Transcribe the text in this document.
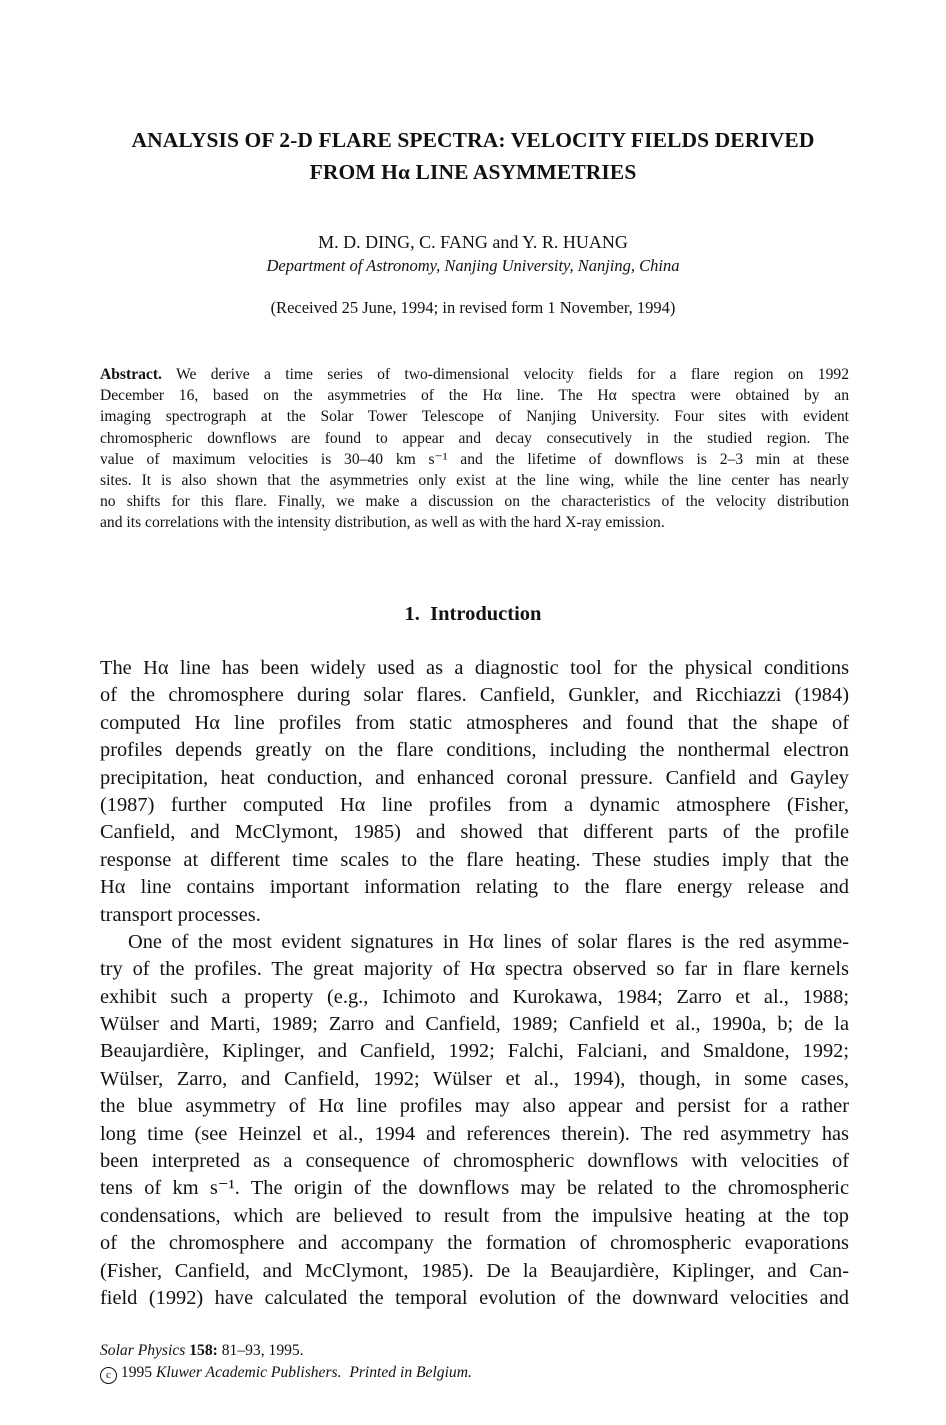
ANALYSIS OF 2-D FLARE SPECTRA: VELOCITY FIELDS DERIVED
FROM Hα LINE ASYMMETRIES
M. D. DING, C. FANG and Y. R. HUANG
Department of Astronomy, Nanjing University, Nanjing, China
(Received 25 June, 1994; in revised form 1 November, 1994)
Abstract. We derive a time series of two-dimensional velocity fields for a flare region on 1992
December 16, based on the asymmetries of the Hα line. The Hα spectra were obtained by an
imaging spectrograph at the Solar Tower Telescope of Nanjing University. Four sites with evident
chromospheric downflows are found to appear and decay consecutively in the studied region. The
value of maximum velocities is 30–40 km s⁻¹ and the lifetime of downflows is 2–3 min at these
sites. It is also shown that the asymmetries only exist at the line wing, while the line center has nearly
no shifts for this flare. Finally, we make a discussion on the characteristics of the velocity distribution
and its correlations with the intensity distribution, as well as with the hard X-ray emission.
1. Introduction
The Hα line has been widely used as a diagnostic tool for the physical conditions
of the chromosphere during solar flares. Canfield, Gunkler, and Ricchiazzi (1984)
computed Hα line profiles from static atmospheres and found that the shape of
profiles depends greatly on the flare conditions, including the nonthermal electron
precipitation, heat conduction, and enhanced coronal pressure. Canfield and Gayley
(1987) further computed Hα line profiles from a dynamic atmosphere (Fisher,
Canfield, and McClymont, 1985) and showed that different parts of the profile
response at different time scales to the flare heating. These studies imply that the
Hα line contains important information relating to the flare energy release and
transport processes.
One of the most evident signatures in Hα lines of solar flares is the red asymme-
try of the profiles. The great majority of Hα spectra observed so far in flare kernels
exhibit such a property (e.g., Ichimoto and Kurokawa, 1984; Zarro et al., 1988;
Wülser and Marti, 1989; Zarro and Canfield, 1989; Canfield et al., 1990a, b; de la
Beaujardière, Kiplinger, and Canfield, 1992; Falchi, Falciani, and Smaldone, 1992;
Wülser, Zarro, and Canfield, 1992; Wülser et al., 1994), though, in some cases,
the blue asymmetry of Hα line profiles may also appear and persist for a rather
long time (see Heinzel et al., 1994 and references therein). The red asymmetry has
been interpreted as a consequence of chromospheric downflows with velocities of
tens of km s⁻¹. The origin of the downflows may be related to the chromospheric
condensations, which are believed to result from the impulsive heating at the top
of the chromosphere and accompany the formation of chromospheric evaporations
(Fisher, Canfield, and McClymont, 1985). De la Beaujardière, Kiplinger, and Can-
field (1992) have calculated the temporal evolution of the downward velocities and
Solar Physics 158: 81–93, 1995.
c 1995 Kluwer Academic Publishers. Printed in Belgium.
